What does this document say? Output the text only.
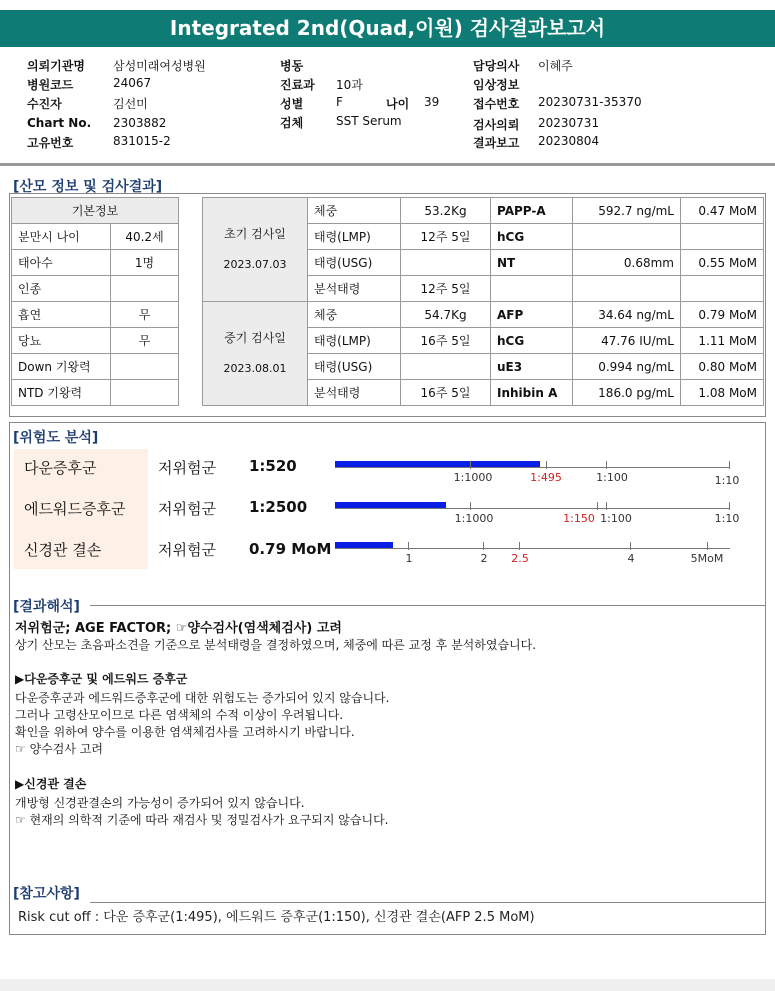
Integrated 2nd(Quad,이원) 검사결과보고서
의뢰기관명 삼성미래여성병원
병원코드	24067
수진자	김선미
Chart No. 2303882
고유번호	831015-2
병동
진료과 10과
성별	F	나이 39
검체	SST Serum
담당의사 이혜주
임상정보
접수번호 20230731-35370
검사의뢰 20230731
결과보고 20230804
[산모 정보 및 검사결과]
기본정보	
분만시 나이	40.2세
태아수	1명
인종	
흡연	무
당뇨	무
Down 기왕력	
NTD 기왕력	
초기 검사일
2023.07.03	체중	53.2Kg	PAPP-A	592.7 ng/mL	0.47 MoM
	태령(LMP)	12주 5일	hCG		
	태령(USG)		NT	0.68mm	0.55 MoM
	분석태령	12주 5일			
중기 검사일
2023.08.01	체중	54.7Kg	AFP	34.64 ng/mL	0.79 MoM
	태령(LMP)	16주 5일	hCG	47.76 IU/mL	1.11 MoM
	태령(USG)		uE3	0.994 ng/mL	0.80 MoM
	분석태령	16주 5일	Inhibin A	186.0 pg/mL	1.08 MoM
[위험도 분석]
다운증후군	저위험군 1:520
1:1000	1:495	1:100	1:10
에드워드증후군 저위험군 1:2500
1:1000	1:150 1:100	1:10
신경관 결손	저위험군 0.79 MoM
1	2 2.5	4	5MoM
[결과해석]
저위험군; AGE FACTOR; ☞양수검사(염색체검사) 고려
상기 산모는 초음파소견을 기준으로 분석태령을 결정하였으며, 체중에 따른 교정 후 분석하였습니다.
▶다운증후군 및 에드워드 증후군
다운증후군과 에드워드증후군에 대한 위험도는 증가되어 있지 않습니다.
그러나 고령산모이므로 다른 염색체의 수적 이상이 우려됩니다.
확인을 위하여 양수를 이용한 염색체검사를 고려하시기 바랍니다.
☞ 양수검사 고려
▶신경관 결손
개방형 신경관결손의 가능성이 증가되어 있지 않습니다.
☞ 현재의 의학적 기준에 따라 재검사 및 정밀검사가 요구되지 않습니다.
[참고사항]
Risk cut off : 다운 증후군(1:495), 에드워드 증후군(1:150), 신경관 결손(AFP 2.5 MoM)
